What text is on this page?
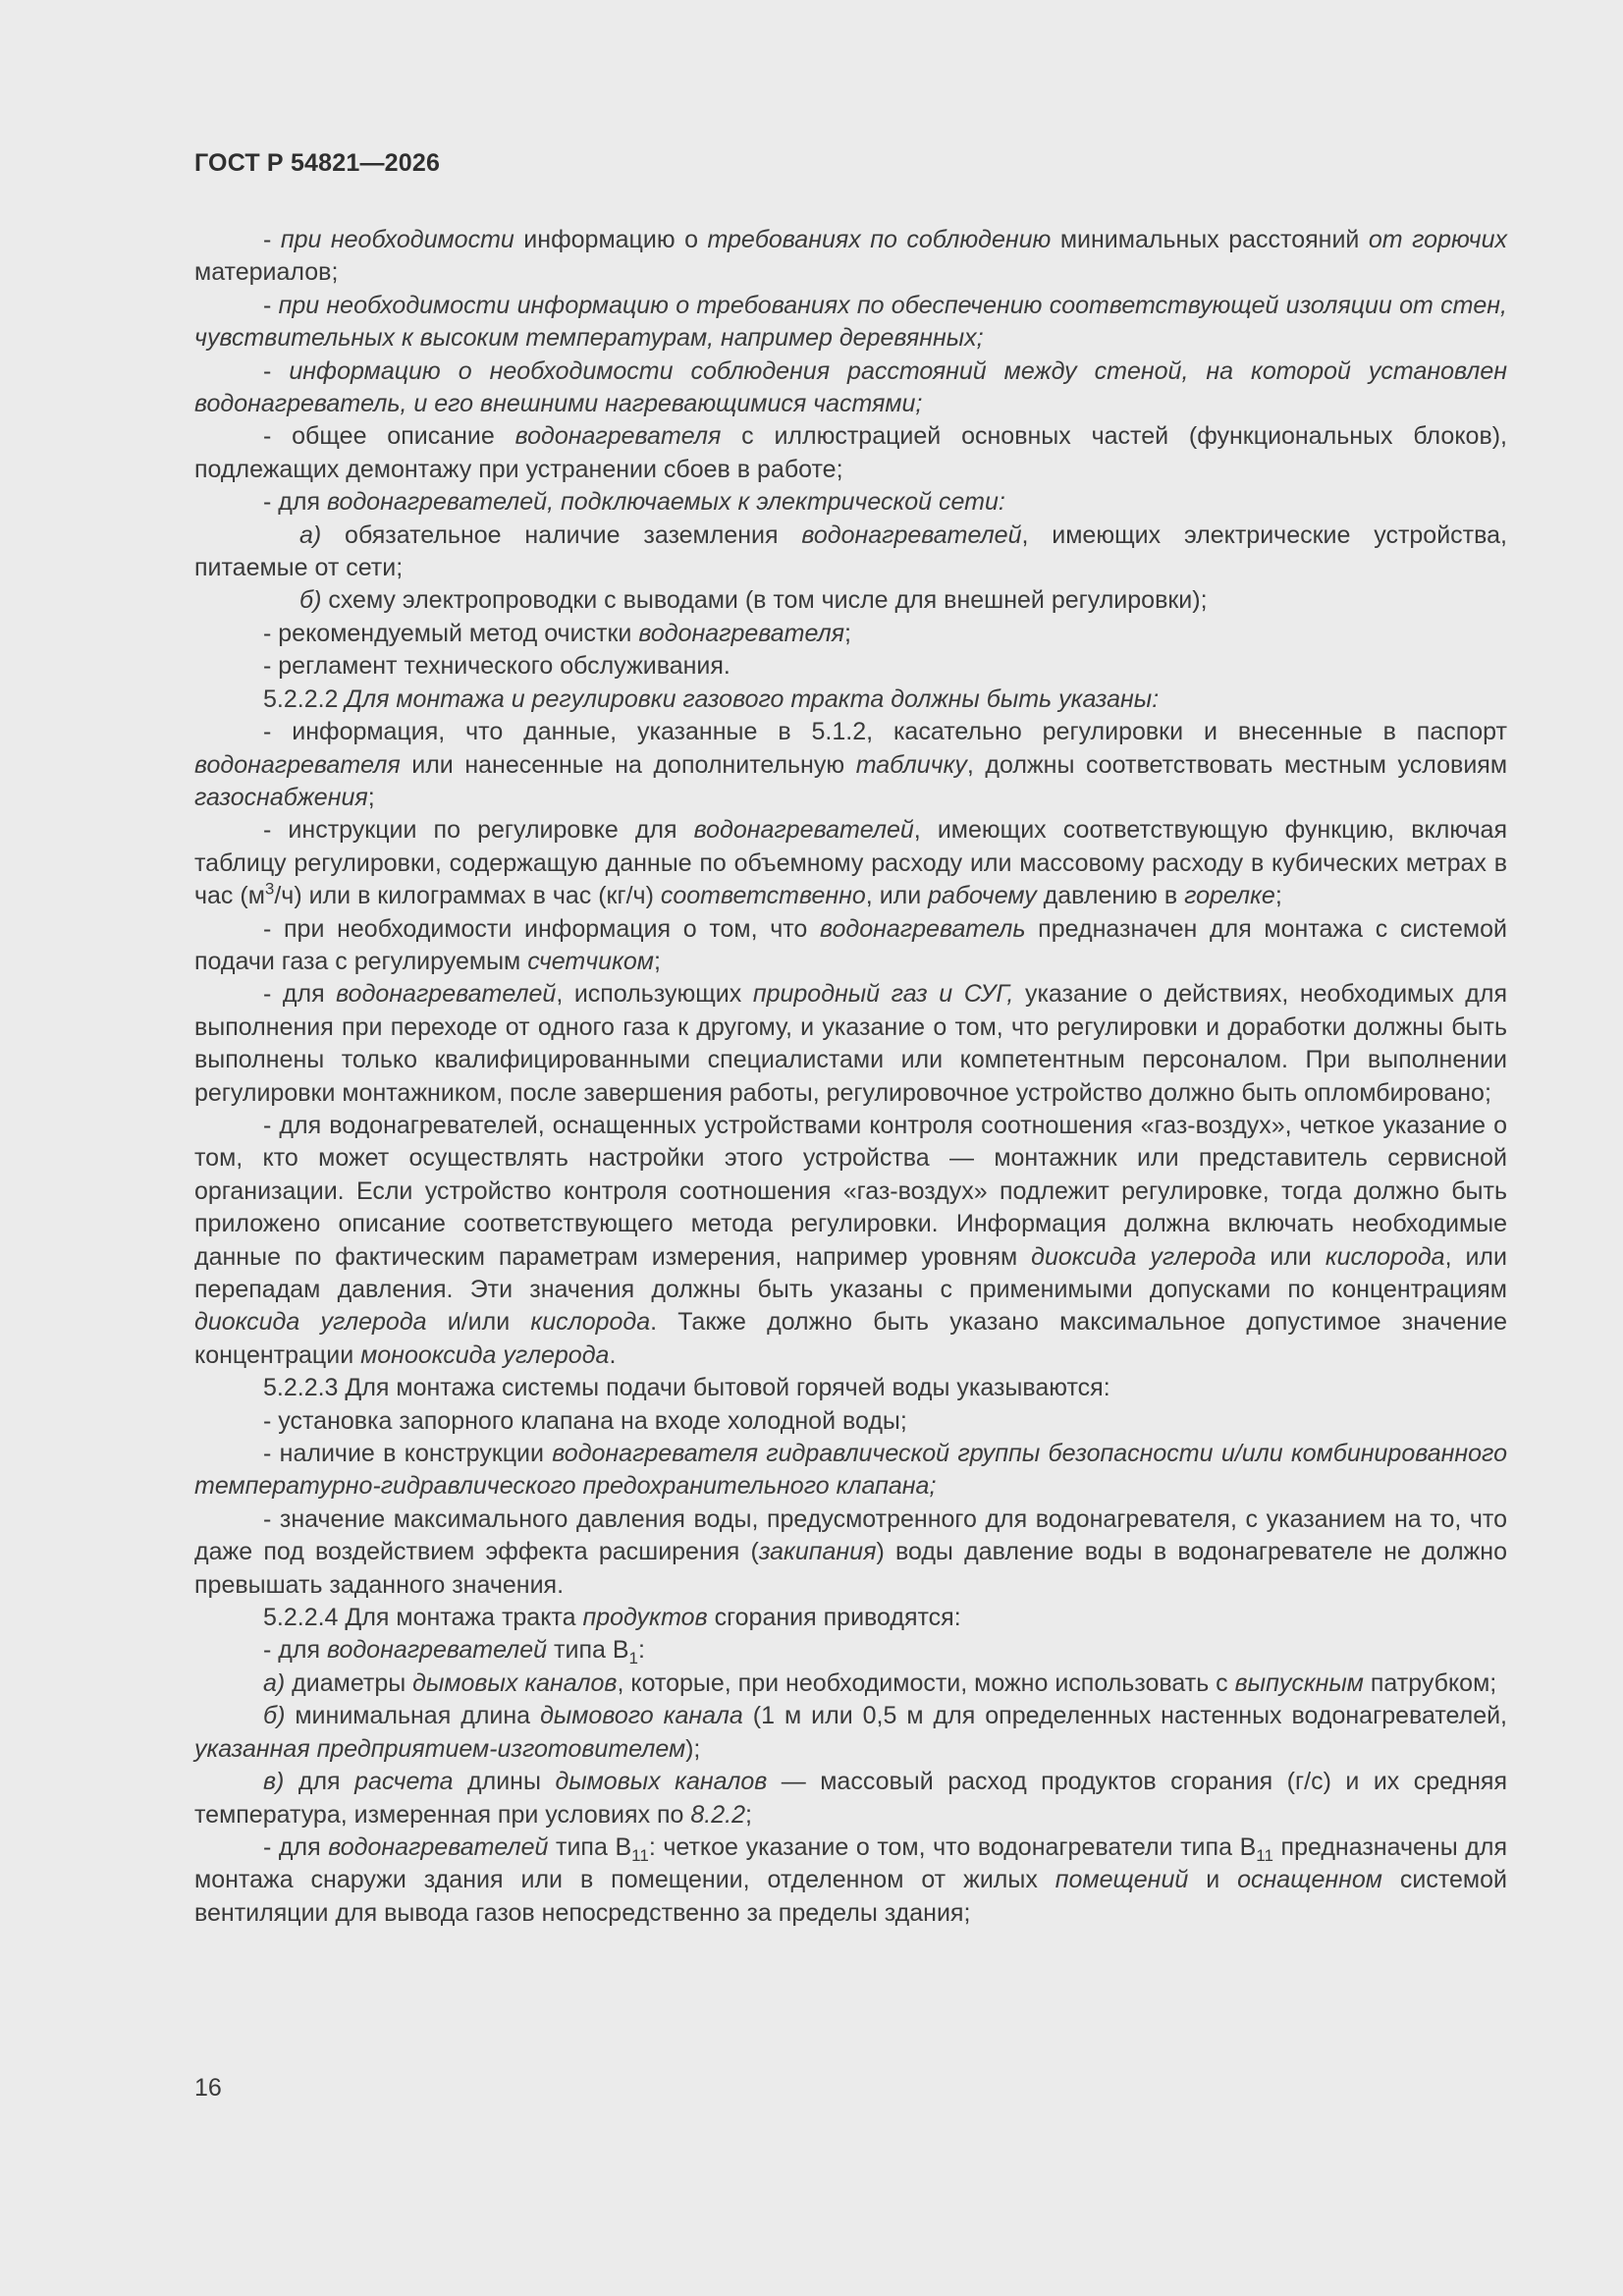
ГОСТ Р 54821—2026

- при необходимости информацию о требованиях по соблюдению минимальных расстояний от горючих материалов;

- при необходимости информацию о требованиях по обеспечению соответствующей изоляции от стен, чувствительных к высоким температурам, например деревянных;

- информацию о необходимости соблюдения расстояний между стеной, на которой установлен водонагреватель, и его внешними нагревающимися частями;

- общее описание водонагревателя с иллюстрацией основных частей (функциональных блоков), подлежащих демонтажу при устранении сбоев в работе;

- для водонагревателей, подключаемых к электрической сети:

а) обязательное наличие заземления водонагревателей, имеющих электрические устройства, питаемые от сети;

б) схему электропроводки с выводами (в том числе для внешней регулировки);

- рекомендуемый метод очистки водонагревателя;

- регламент технического обслуживания.

5.2.2.2 Для монтажа и регулировки газового тракта должны быть указаны:

- информация, что данные, указанные в 5.1.2, касательно регулировки и внесенные в паспорт водонагревателя или нанесенные на дополнительную табличку, должны соответствовать местным условиям газоснабжения;

- инструкции по регулировке для водонагревателей, имеющих соответствующую функцию, включая таблицу регулировки, содержащую данные по объемному расходу или массовому расходу в кубических метрах в час $(м^3/ч)$ или в килограммах в час (кг/ч) соответственно, или рабочему давлению в горелке;

- при необходимости информация о том, что водонагреватель предназначен для монтажа с системой подачи газа с регулируемым счетчиком;

- для водонагревателей, использующих природный газ и СУГ, указание о действиях, необходимых для выполнения при переходе от одного газа к другому, и указание о том, что регулировки и доработки должны быть выполнены только квалифицированными специалистами или компетентным персоналом. При выполнении регулировки монтажником, после завершения работы, регулировочное устройство должно быть опломбировано;

- для водонагревателей, оснащенных устройствами контроля соотношения «газ-воздух», четкое указание о том, кто может осуществлять настройки этого устройства — монтажник или представитель сервисной организации. Если устройство контроля соотношения «газ-воздух» подлежит регулировке, тогда должно быть приложено описание соответствующего метода регулировки. Информация должна включать необходимые данные по фактическим параметрам измерения, например уровням диоксида углерода или кислорода, или перепадам давления. Эти значения должны быть указаны с применимыми допусками по концентрациям диоксида углерода и/или кислорода. Также должно быть указано максимальное допустимое значение концентрации монооксида углерода.

5.2.2.3 Для монтажа системы подачи бытовой горячей воды указываются:

- установка запорного клапана на входе холодной воды;

- наличие в конструкции водонагревателя гидравлической группы безопасности и/или комбинированного температурно-гидравлического предохранительного клапана;

- значение максимального давления воды, предусмотренного для водонагревателя, с указанием на то, что даже под воздействием эффекта расширения (закипания) воды давление воды в водонагревателе не должно превышать заданного значения.

5.2.2.4 Для монтажа тракта продуктов сгорания приводятся:

- для водонагревателей типа $В_1$:

а) диаметры дымовых каналов, которые, при необходимости, можно использовать с выпускным патрубком;

б) минимальная длина дымового канала (1 м или 0,5 м для определенных настенных водонагревателей, указанная предприятием-изготовителем);

в) для расчета длины дымовых каналов — массовый расход продуктов сгорания (г/с) и их средняя температура, измеренная при условиях по 8.2.2;

- для водонагревателей типа $В_{11}$: четкое указание о том, что водонагреватели типа $В_{11}$ предназначены для монтажа снаружи здания или в помещении, отделенном от жилых помещений и оснащенном системой вентиляции для вывода газов непосредственно за пределы здания;

16
